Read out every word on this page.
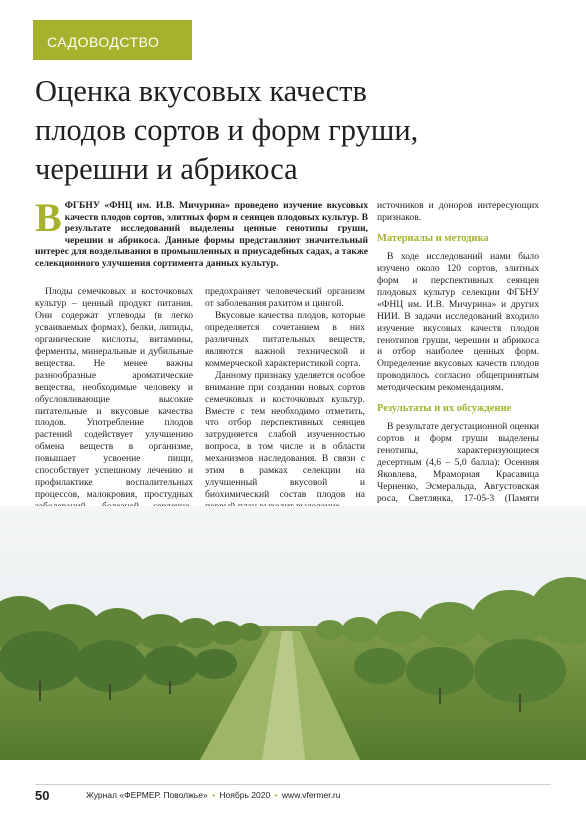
САДОВОДСТВО
Оценка вкусовых качеств
плодов сортов и форм груши,
черешни и абрикоса
ВФГБНУ «ФНЦ им. И.В. Мичурина» проведено изучение вкусовых качеств плодов сортов, элитных форм и сеянцев плодовых культур. В результате исследований выделены ценные генотипы груши, черешни и абрикоса. Данные формы представляют значительный интерес для возделывания в промышленных и приусадебных садах, а также селекционного улучшения сортимента данных культур.

Плоды семечковых и косточковых культур – ценный продукт питания. Они содержат углеводы (в легко усваиваемых формах), белки, липиды, органические кислоты, витамины, ферменты, минеральные и дубильные вещества. Не менее важны разнообразные ароматические вещества, необходимые человеку и обусловливающие высокие питательные и вкусовые качества плодов. Употребление плодов растений содействует улучшению обмена веществ в организме, повышает усвоение пищи, способствует успешному лечению и профилактике воспалительных процессов, малокровия, простудных

предохраняет человеческий организм от заболевания рахитом и цингой.

Вкусовые качества плодов, которые определяется сочетанием в них различных питательных веществ, являются важной технической и коммерческой характеристикой сорта.

Данному признаку уделяется особое внимание при создании новых сортов семечковых и косточковых культур. Вместе с тем необходимо отметить, что отбор перспективных сеянцев затрудняется слабой изученностью вопроса, в том числе и в области механизмов наследования. В связи с этим в рамках селекции на улучшенный вкусовой и биохимический состав плодов на

источников и доноров интересующих признаков.

Материалы и методика

В ходе исследований нами было изучено около 120 сортов, элитных форм и перспективных сеянцев плодовых культур селекции ФГБНУ «ФНЦ им. И.В. Мичурина» и других НИИ. В задачи исследований входило изучение вкусовых качеств плодов генотипов груши, черешни и абрикоса и отбор наиболее ценных форм. Определение вкусовых качеств плодов проводилось согласно общепринятым методическим рекомендациям.

Результаты и их обсуждение

В результате дегустационной оценки сортов и форм груши выделены генотипы, характеризующиеся десертным (4,6 – 5,0 балла): Осенняя Яковлева, Мраморная Красавица Черненко, Эсмеральда, Августовская роса, Светлянка, 17-05-3 (Памяти

50	Журнал «ФЕРМЕР. Поволжье» • Ноябрь 2020 • www.vfermer.ru
